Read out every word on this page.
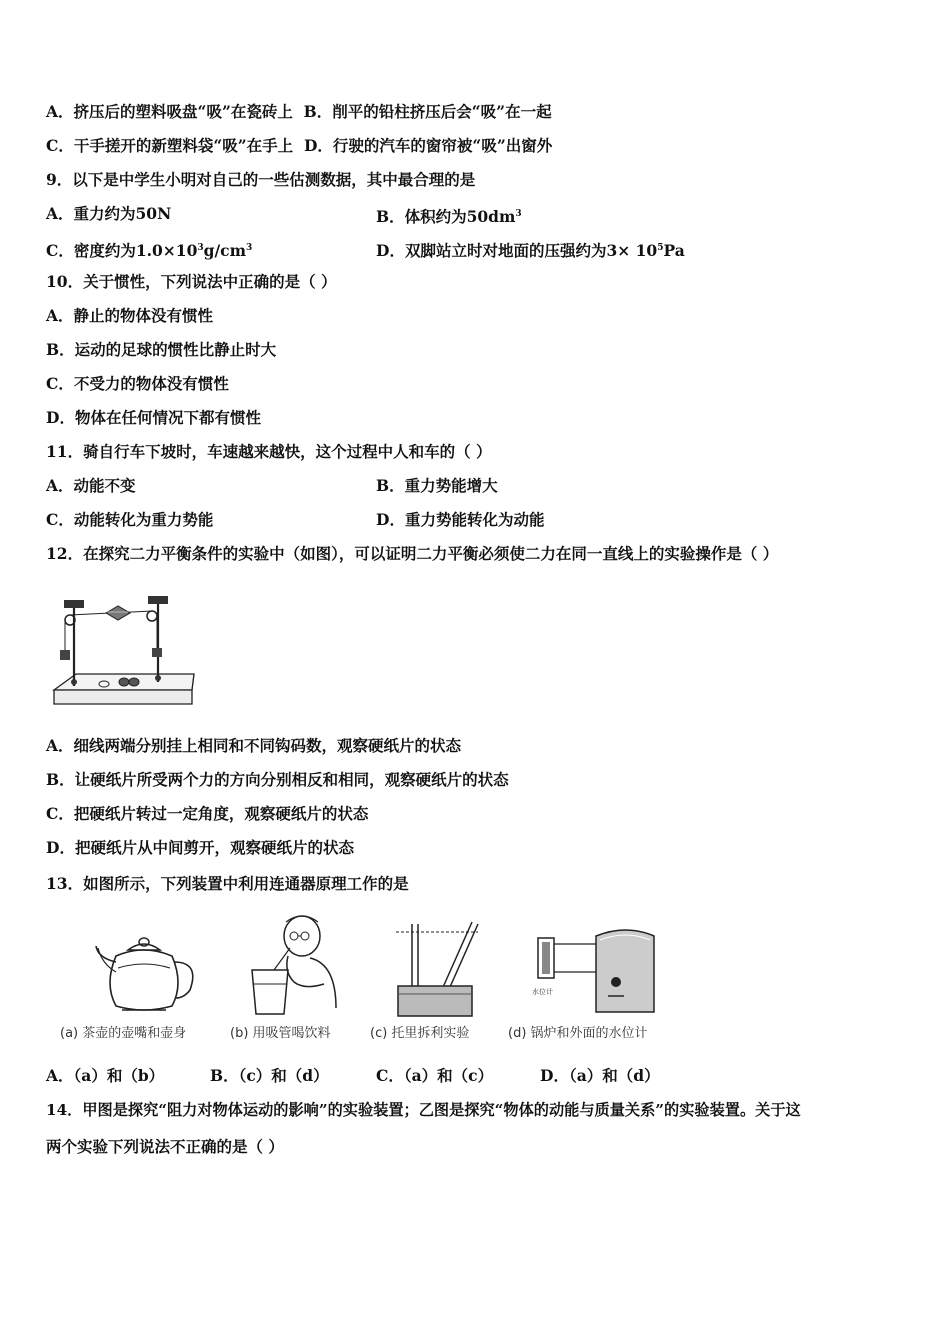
A．挤压后的塑料吸盘“吸”在瓷砖上 B．削平的铅柱挤压后会“吸”在一起
C．干手搓开的新塑料袋“吸”在手上 D．行驶的汽车的窗帘被“吸”出窗外
9．以下是中学生小明对自己的一些估测数据，其中最合理的是
A．重力约为50N	B．体积约为$50dm^3$
C．密度约为$1.0\times 10^3g/cm^3$	D．双脚站立时对地面的压强约为$3\times 10^5Pa$
10．关于惯性，下列说法中正确的是（ ）
A．静止的物体没有惯性
B．运动的足球的惯性比静止时大
C．不受力的物体没有惯性
D．物体在任何情况下都有惯性
11．骑自行车下坡时，车速越来越快，这个过程中人和车的（ ）
A．动能不变	B．重力势能增大
C．动能转化为重力势能	D．重力势能转化为动能
12．在探究二力平衡条件的实验中（如图），可以证明二力平衡必须使二力在同一直线上的实验操作是（ ）
A．细线两端分别挂上相同和不同钩码数，观察硬纸片的状态
B．让硬纸片所受两个力的方向分别相反和相同，观察硬纸片的状态
C．把硬纸片转过一定角度，观察硬纸片的状态
D．把硬纸片从中间剪开，观察硬纸片的状态
13．如图所示，下列装置中利用连通器原理工作的是
水位计
(a) 茶壶的壶嘴和壶身	(b) 用吸管喝饮料	(c) 托里拆利实验	(d) 锅炉和外面的水位计
A．（a）和（b）	B．（c）和（d）	C．（a）和（c）	D．（a）和（d）
14．甲图是探究“阻力对物体运动的影响”的实验装置；乙图是探究“物体的动能与质量关系”的实验装置。关于这
两个实验下列说法不正确的是（ ）
